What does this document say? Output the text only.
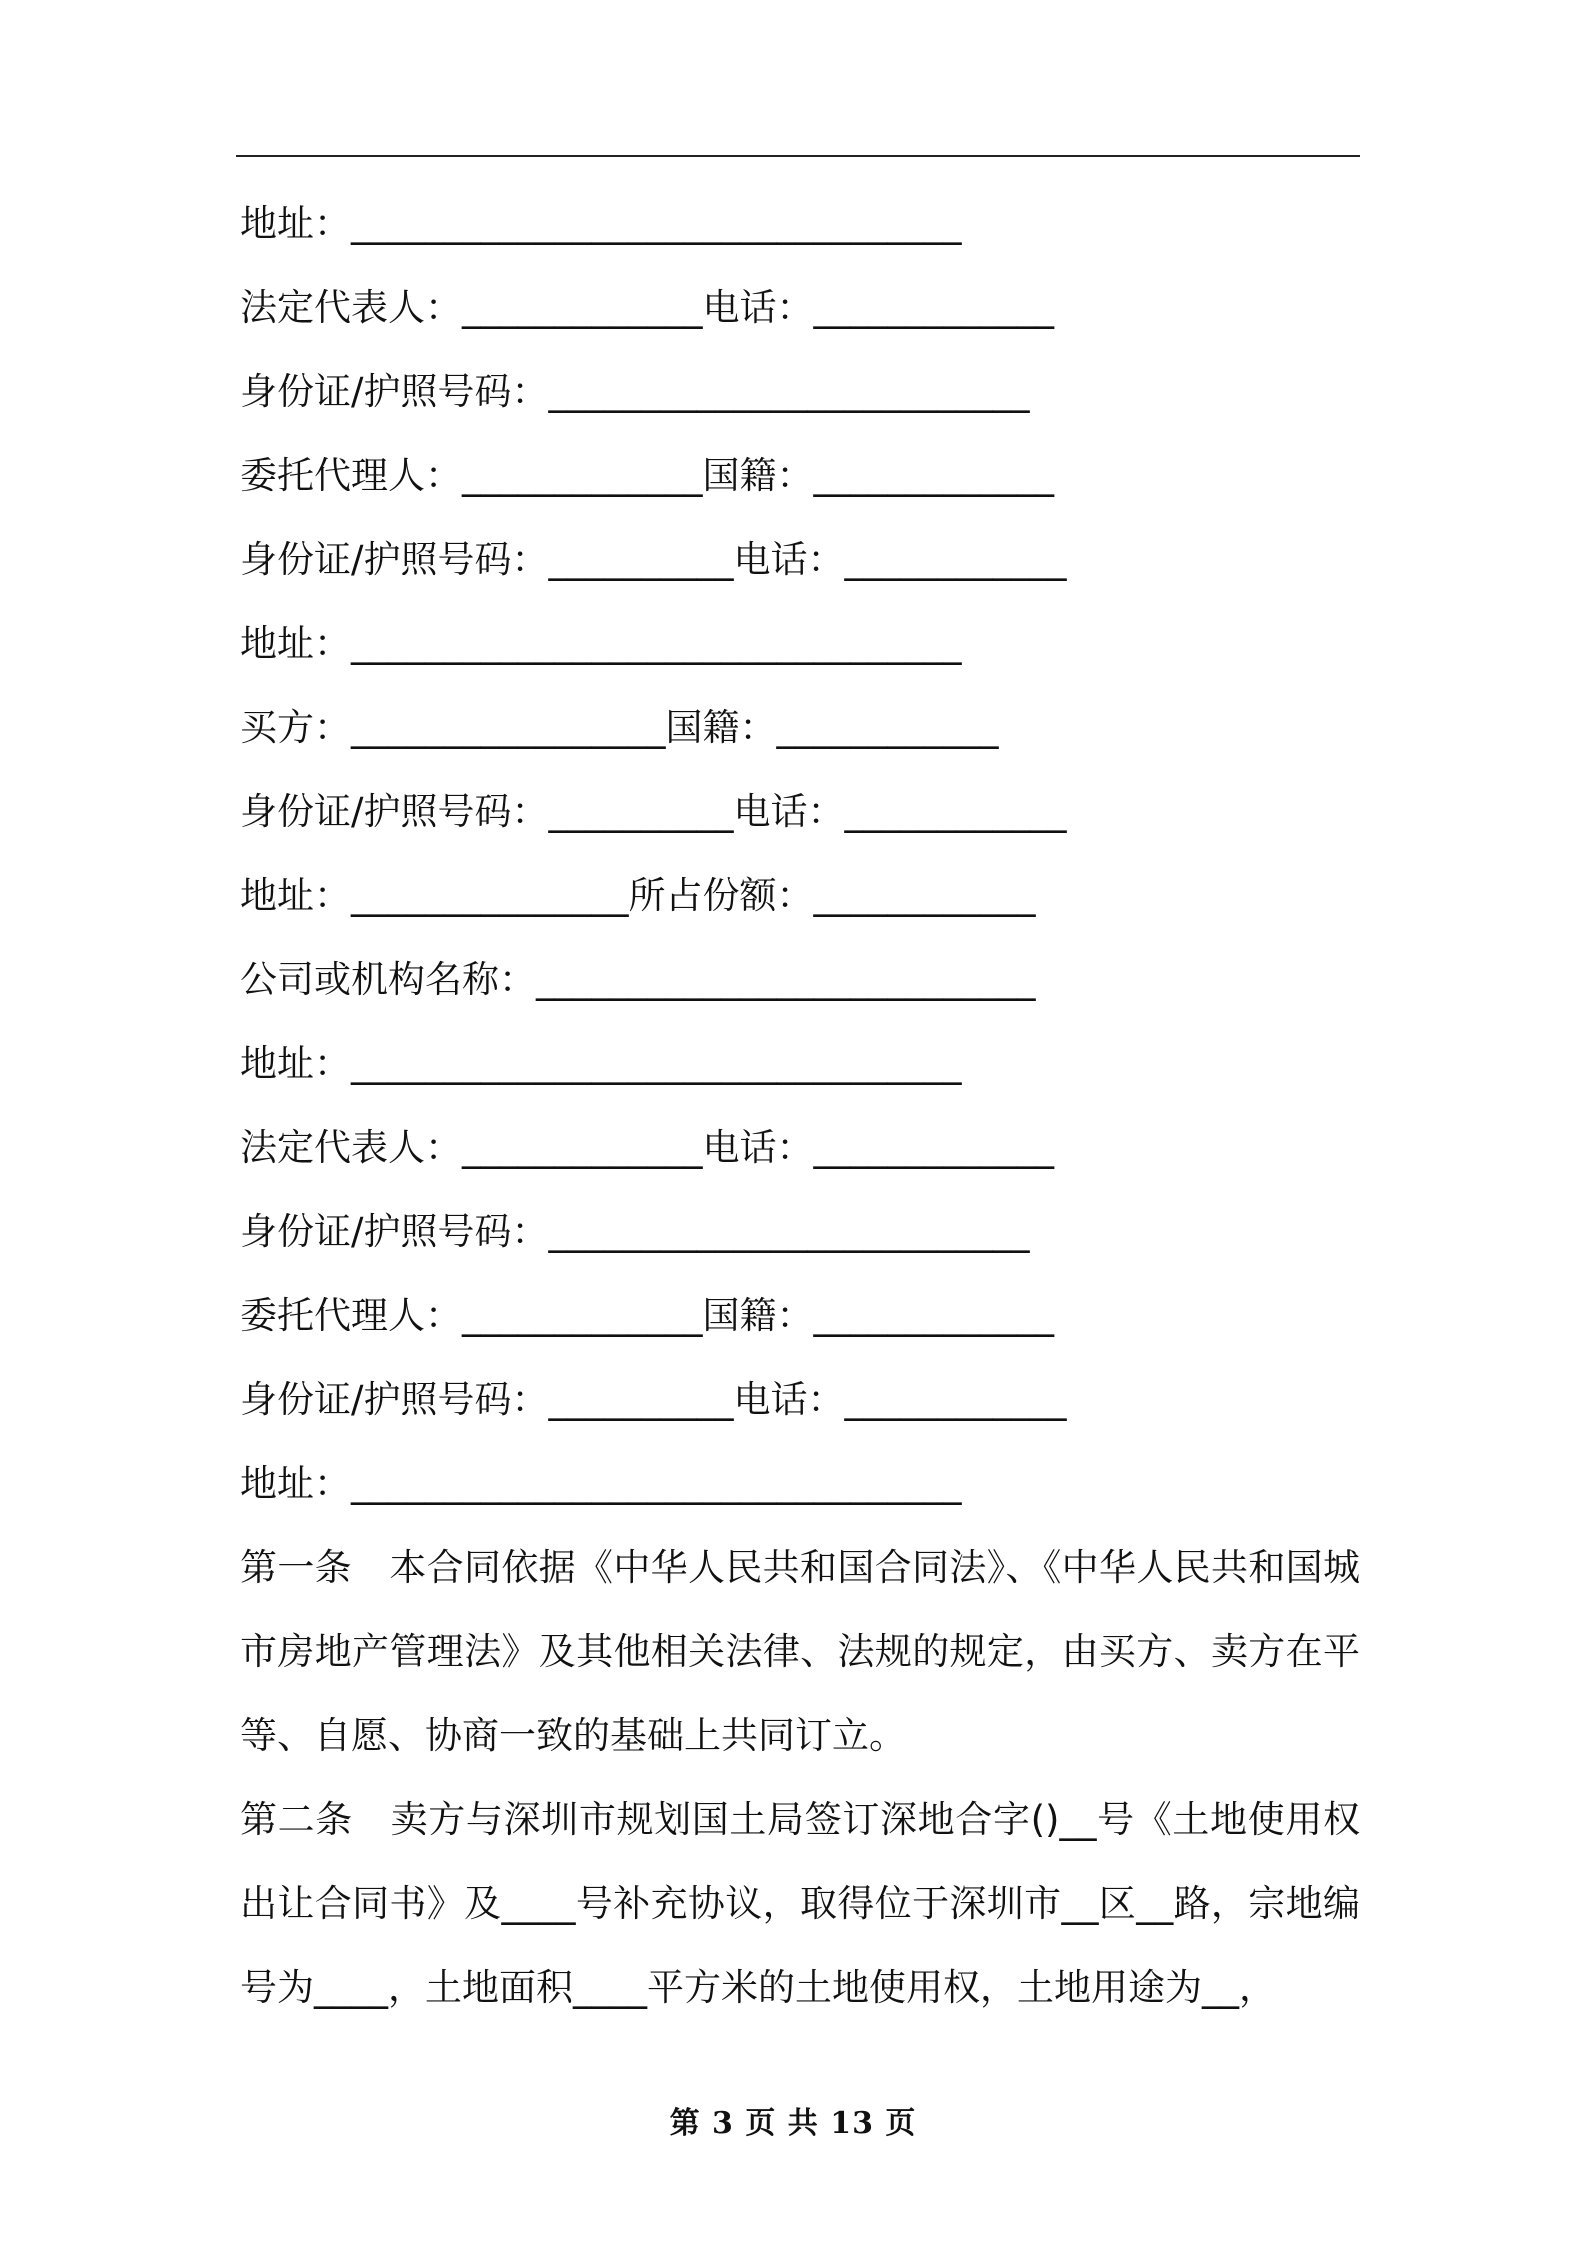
地址：_________________________________
法定代表人：_____________电话：_____________
身份证/护照号码：__________________________
委托代理人：_____________国籍：_____________
身份证/护照号码：__________电话：____________
地址：_________________________________
买方：_________________国籍：____________
身份证/护照号码：__________电话：____________
地址：_______________所占份额：____________
公司或机构名称：___________________________
地址：_________________________________
法定代表人：_____________电话：_____________
身份证/护照号码：__________________________
委托代理人：_____________国籍：_____________
身份证/护照号码：__________电话：____________
地址：_________________________________

第一条　本合同依据《中华人民共和国合同法》、《中华人民共和国城市房地产管理法》及其他相关法律、法规的规定，由买方、卖方在平等、自愿、协商一致的基础上共同订立。

第二条　卖方与深圳市规划国土局签订深地合字()__号《土地使用权出让合同书》及____号补充协议，取得位于深圳市__区__路，宗地编号为____，土地面积____平方米的土地使用权，土地用途为__，

第 3 页 共 13 页
